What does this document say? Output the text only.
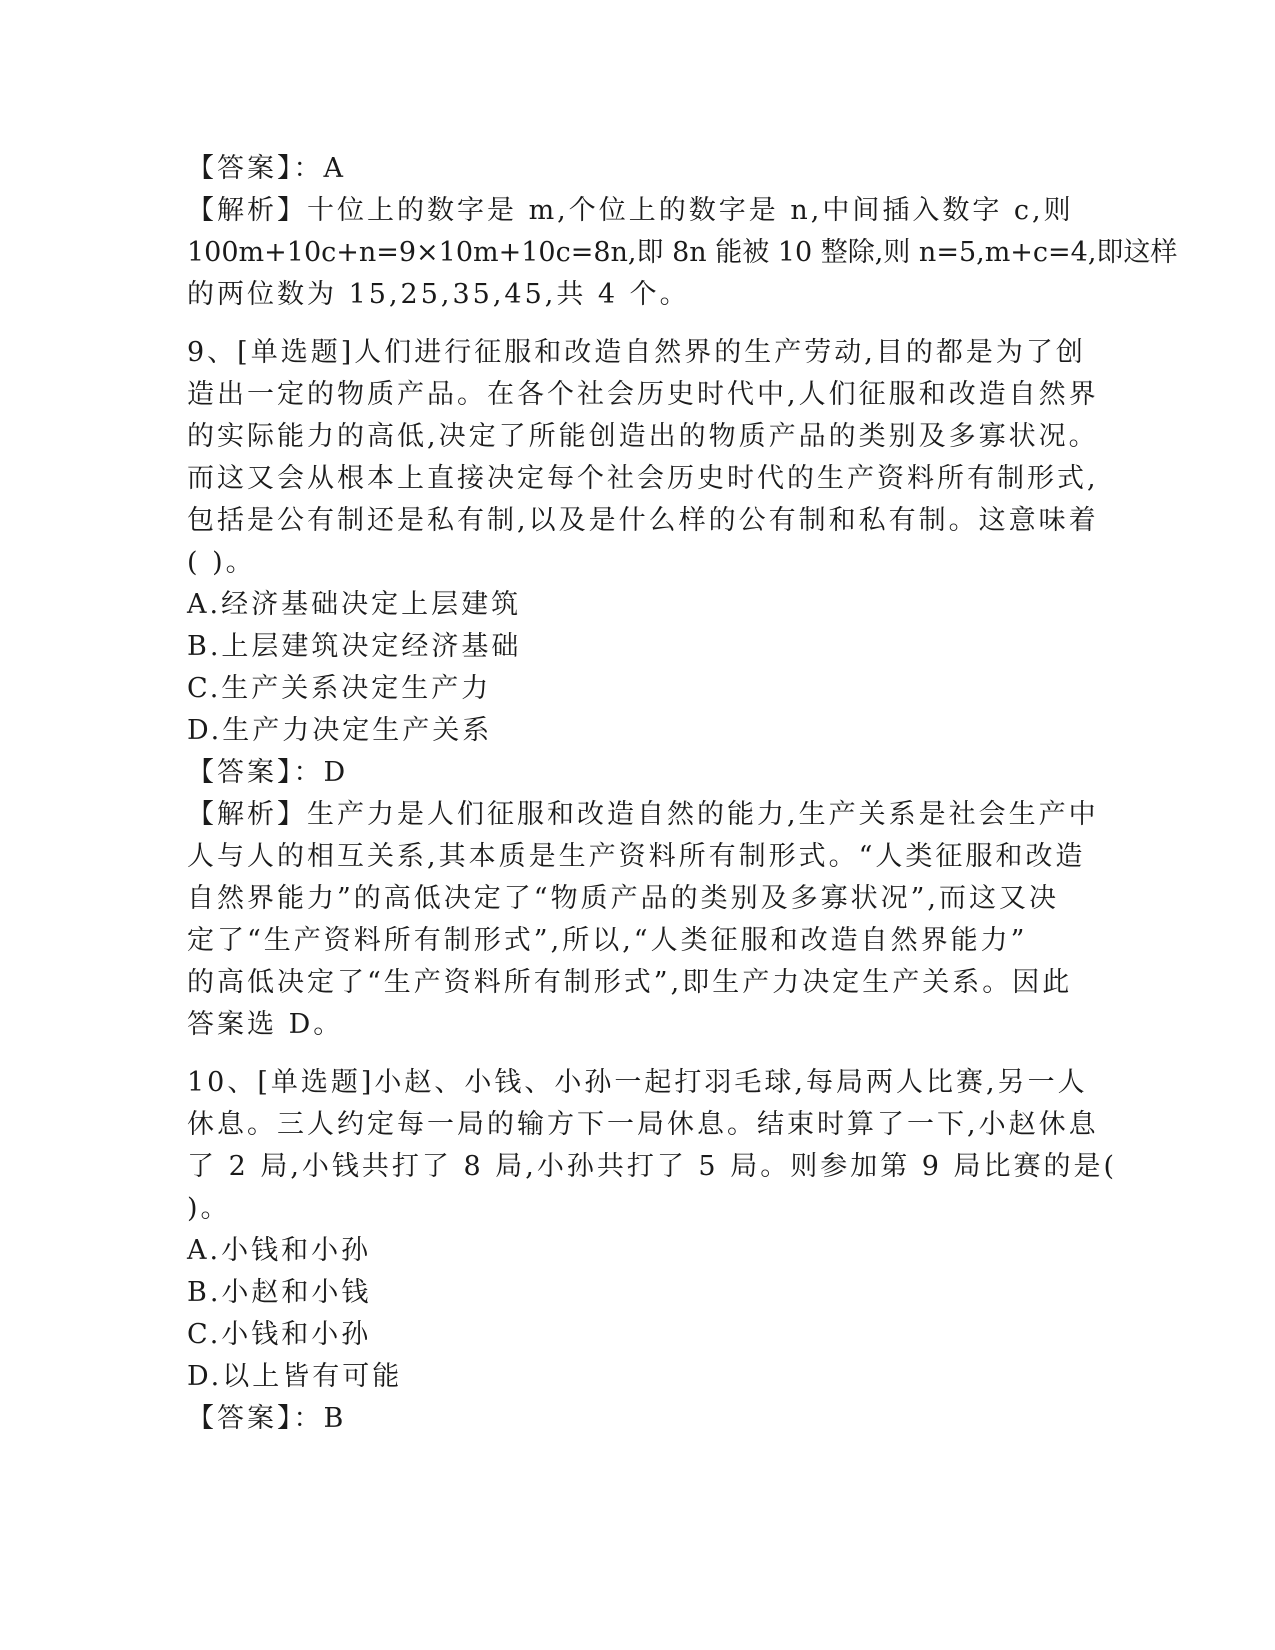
【答案】：A
【解析】十位上的数字是 m,个位上的数字是 n,中间插入数字 c,则
100m+10c+n=9×10m+10c=8n,即 8n 能被 10 整除,则 n=5,m+c=4,即这样
的两位数为 15,25,35,45,共 4 个。
9、[单选题]人们进行征服和改造自然界的生产劳动,目的都是为了创
造出一定的物质产品。在各个社会历史时代中,人们征服和改造自然界
的实际能力的高低,决定了所能创造出的物质产品的类别及多寡状况。
而这又会从根本上直接决定每个社会历史时代的生产资料所有制形式,
包括是公有制还是私有制,以及是什么样的公有制和私有制。这意味着
( )。
A.经济基础决定上层建筑
B.上层建筑决定经济基础
C.生产关系决定生产力
D.生产力决定生产关系
【答案】：D
【解析】生产力是人们征服和改造自然的能力,生产关系是社会生产中
人与人的相互关系,其本质是生产资料所有制形式。“人类征服和改造
自然界能力”的高低决定了“物质产品的类别及多寡状况”,而这又决
定了“生产资料所有制形式”,所以,“人类征服和改造自然界能力”
的高低决定了“生产资料所有制形式”,即生产力决定生产关系。因此
答案选 D。
10、[单选题]小赵、小钱、小孙一起打羽毛球,每局两人比赛,另一人
休息。三人约定每一局的输方下一局休息。结束时算了一下,小赵休息
了 2 局,小钱共打了 8 局,小孙共打了 5 局。则参加第 9 局比赛的是(
)。
A.小钱和小孙
B.小赵和小钱
C.小钱和小孙
D.以上皆有可能
【答案】：B
